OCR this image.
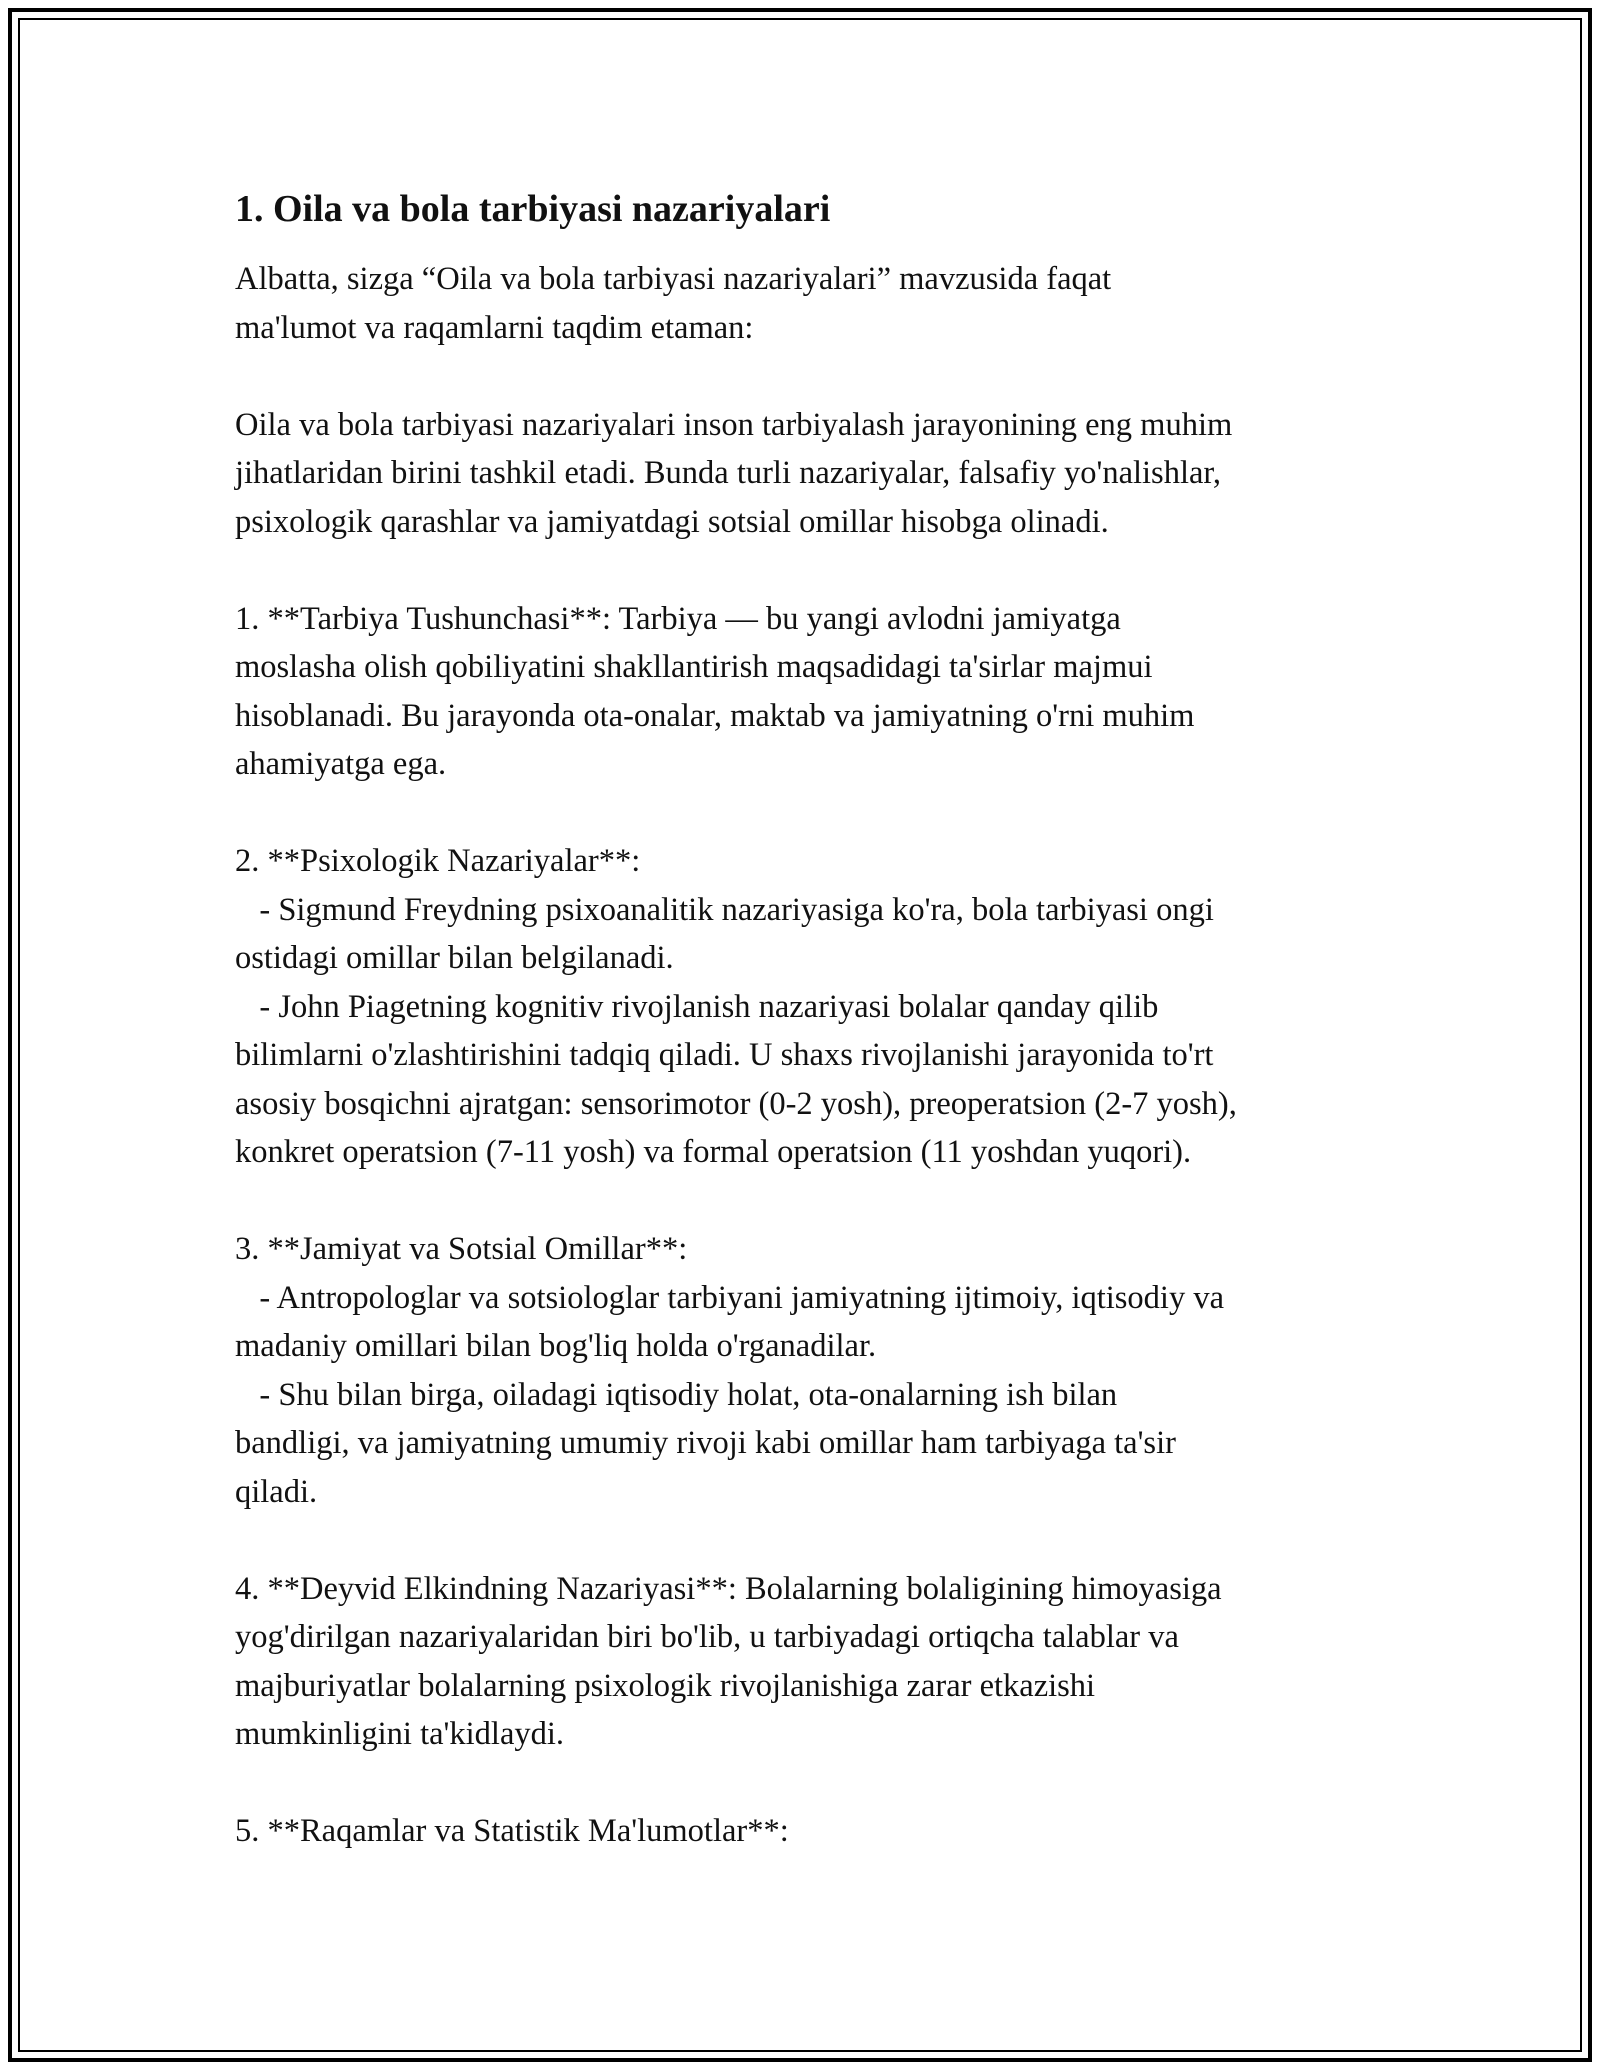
1. Oila va bola tarbiyasi nazariyalari
Albatta, sizga “Oila va bola tarbiyasi nazariyalari” mavzusida faqat
ma'lumot va raqamlarni taqdim etaman:
Oila va bola tarbiyasi nazariyalari inson tarbiyalash jarayonining eng muhim
jihatlaridan birini tashkil etadi. Bunda turli nazariyalar, falsafiy yo'nalishlar,
psixologik qarashlar va jamiyatdagi sotsial omillar hisobga olinadi.
1. **Tarbiya Tushunchasi**: Tarbiya — bu yangi avlodni jamiyatga
moslasha olish qobiliyatini shakllantirish maqsadidagi ta'sirlar majmui
hisoblanadi. Bu jarayonda ota-onalar, maktab va jamiyatning o'rni muhim
ahamiyatga ega.
2. **Psixologik Nazariyalar**:
- Sigmund Freydning psixoanalitik nazariyasiga ko'ra, bola tarbiyasi ongi
ostidagi omillar bilan belgilanadi.
- John Piagetning kognitiv rivojlanish nazariyasi bolalar qanday qilib
bilimlarni o'zlashtirishini tadqiq qiladi. U shaxs rivojlanishi jarayonida to'rt
asosiy bosqichni ajratgan: sensorimotor (0-2 yosh), preoperatsion (2-7 yosh),
konkret operatsion (7-11 yosh) va formal operatsion (11 yoshdan yuqori).
3. **Jamiyat va Sotsial Omillar**:
- Antropologlar va sotsiologlar tarbiyani jamiyatning ijtimoiy, iqtisodiy va
madaniy omillari bilan bog'liq holda o'rganadilar.
- Shu bilan birga, oiladagi iqtisodiy holat, ota-onalarning ish bilan
bandligi, va jamiyatning umumiy rivoji kabi omillar ham tarbiyaga ta'sir
qiladi.
4. **Deyvid Elkindning Nazariyasi**: Bolalarning bolaligining himoyasiga
yog'dirilgan nazariyalaridan biri bo'lib, u tarbiyadagi ortiqcha talablar va
majburiyatlar bolalarning psixologik rivojlanishiga zarar etkazishi
mumkinligini ta'kidlaydi.
5. **Raqamlar va Statistik Ma'lumotlar**:
